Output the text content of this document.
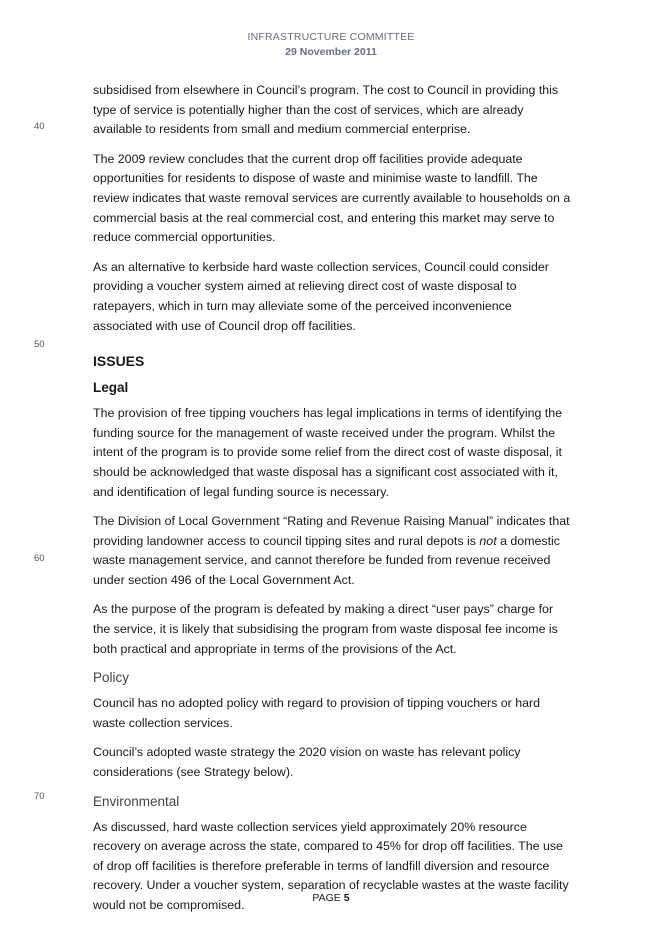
INFRASTRUCTURE COMMITTEE
29 November 2011
40
50
60
70

subsidised from elsewhere in Council’s program. The cost to Council in providing this type of service is potentially higher than the cost of services, which are already available to residents from small and medium commercial enterprise.

The 2009 review concludes that the current drop off facilities provide adequate opportunities for residents to dispose of waste and minimise waste to landfill. The review indicates that waste removal services are currently available to households on a commercial basis at the real commercial cost, and entering this market may serve to reduce commercial opportunities.

As an alternative to kerbside hard waste collection services, Council could consider providing a voucher system aimed at relieving direct cost of waste disposal to ratepayers, which in turn may alleviate some of the perceived inconvenience associated with use of Council drop off facilities.

ISSUES
Legal

The provision of free tipping vouchers has legal implications in terms of identifying the funding source for the management of waste received under the program. Whilst the intent of the program is to provide some relief from the direct cost of waste disposal, it should be acknowledged that waste disposal has a significant cost associated with it, and identification of legal funding source is necessary.

The Division of Local Government “Rating and Revenue Raising Manual” indicates that providing landowner access to council tipping sites and rural depots is not a domestic waste management service, and cannot therefore be funded from revenue received under section 496 of the Local Government Act.

As the purpose of the program is defeated by making a direct “user pays” charge for the service, it is likely that subsidising the program from waste disposal fee income is both practical and appropriate in terms of the provisions of the Act.

Policy

Council has no adopted policy with regard to provision of tipping vouchers or hard waste collection services.

Council’s adopted waste strategy the 2020 vision on waste has relevant policy considerations (see Strategy below).

Environmental

As discussed, hard waste collection services yield approximately 20% resource recovery on average across the state, compared to 45% for drop off facilities. The use of drop off facilities is therefore preferable in terms of landfill diversion and resource recovery. Under a voucher system, separation of recyclable wastes at the waste facility would not be compromised.	PAGE 5
